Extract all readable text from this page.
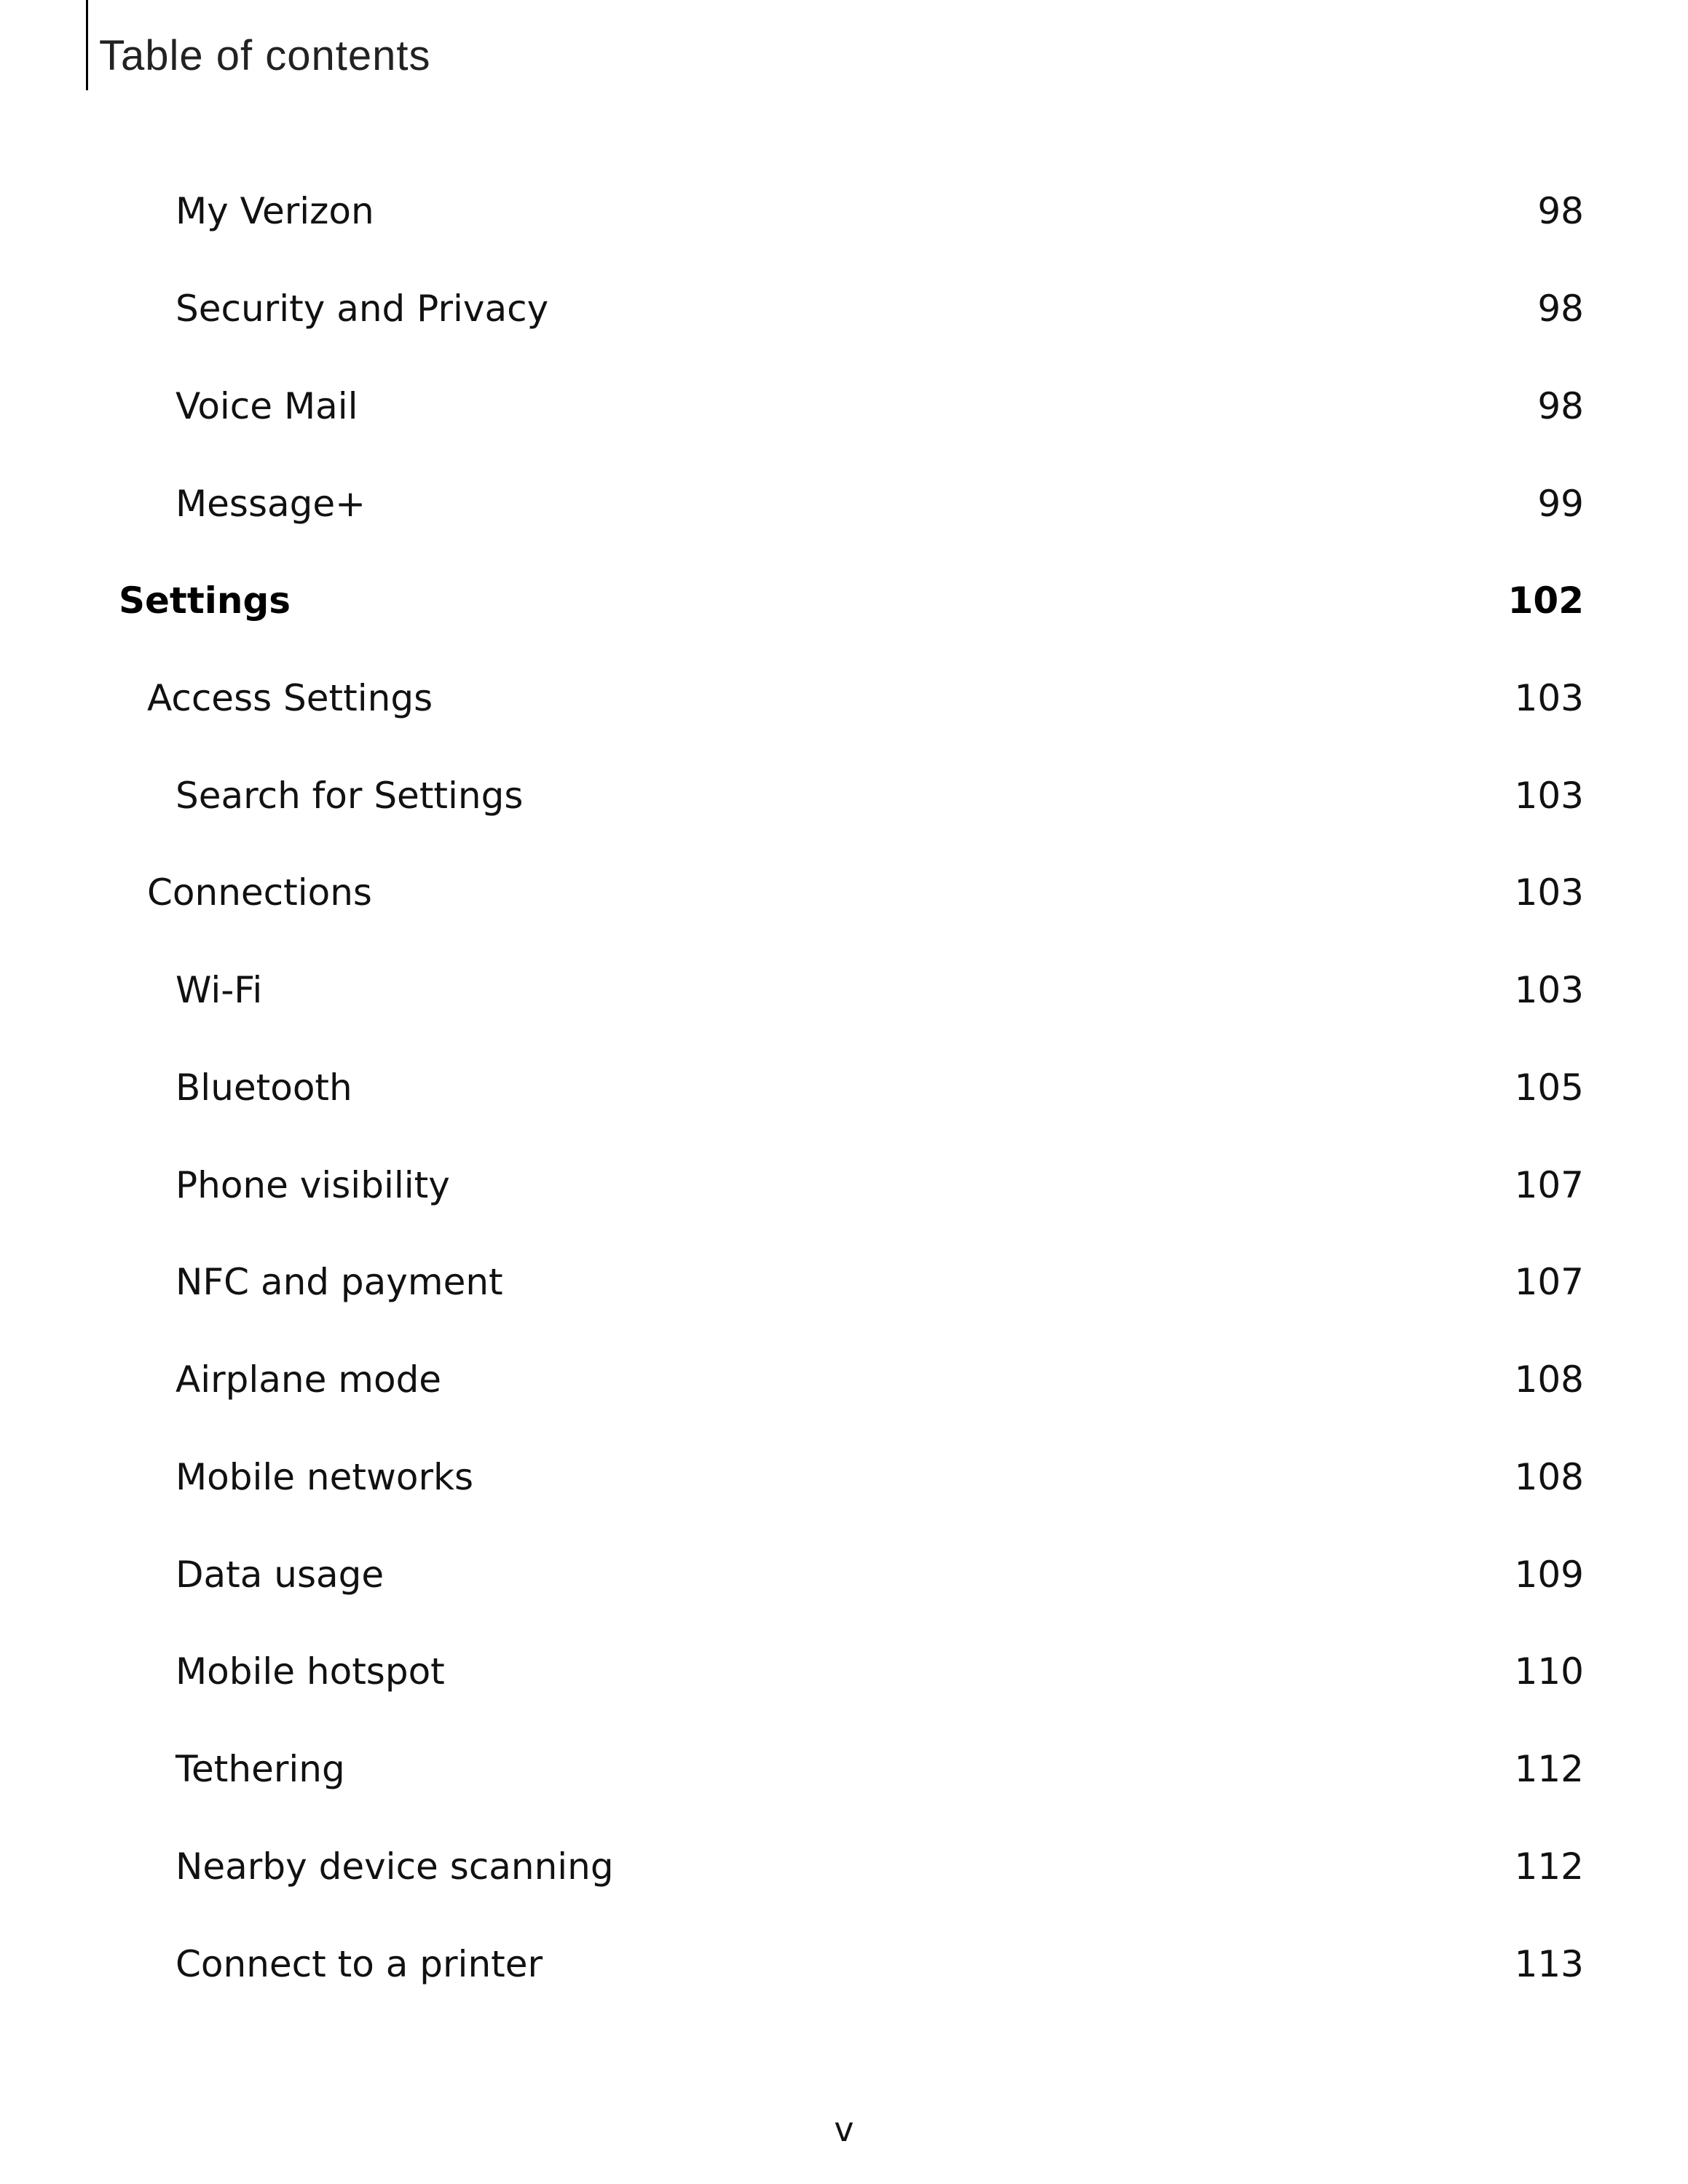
Table of contents
My Verizon	98
Security and Privacy	98
Voice Mail	98
Message+	99
Settings	102
Access Settings	103
Search for Settings	103
Connections	103
Wi-Fi	103
Bluetooth	105
Phone visibility	107
NFC and payment	107
Airplane mode	108
Mobile networks	108
Data usage	109
Mobile hotspot	110
Tethering	112
Nearby device scanning	112
Connect to a printer	113
v
